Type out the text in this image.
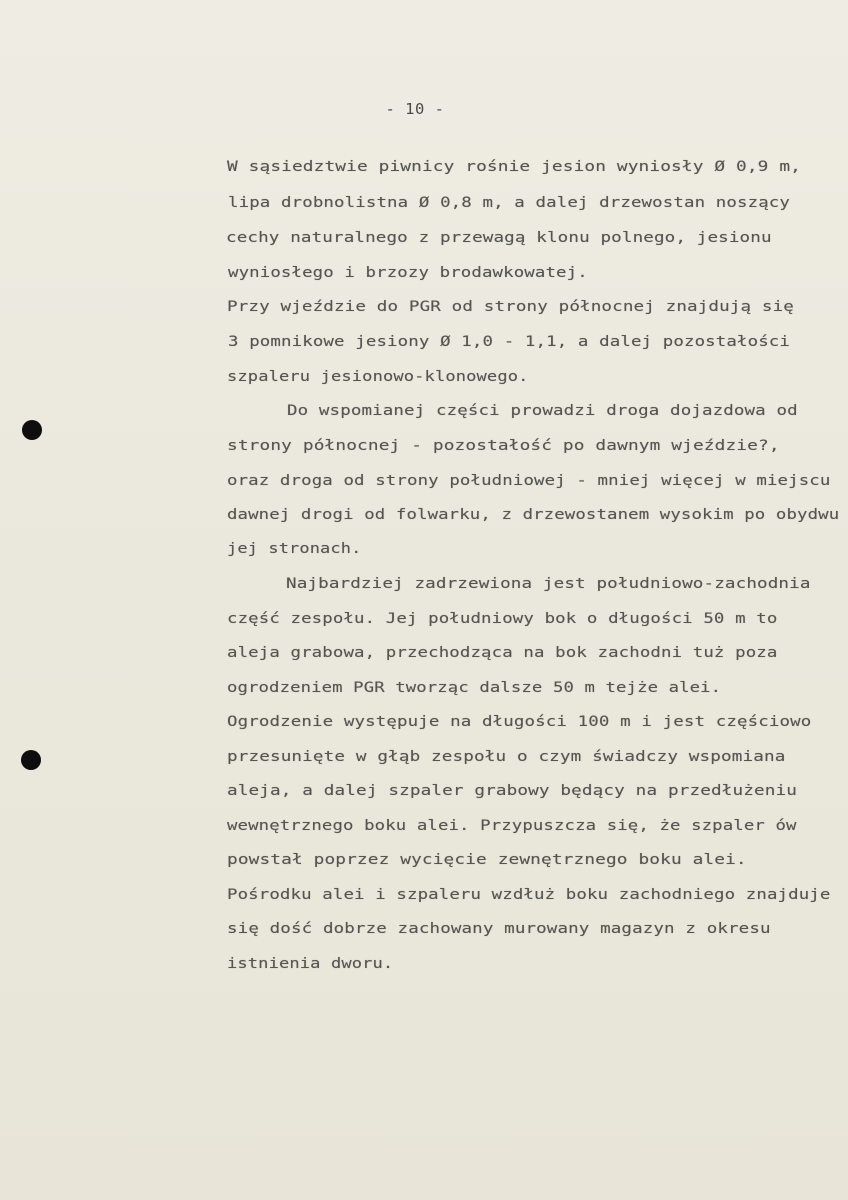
- 10 -
W sąsiedztwie piwnicy rośnie jesion wyniosły Ø 0,9 m,
lipa drobnolistna Ø 0,8 m, a dalej drzewostan noszący
cechy naturalnego z przewagą klonu polnego, jesionu
wyniosłego i brzozy brodawkowatej.
Przy wjeździe do PGR od strony północnej znajdują się
3 pomnikowe jesiony Ø 1,0 - 1,1, a dalej pozostałości
szpaleru jesionowo-klonowego.
Do wspomianej części prowadzi droga dojazdowa od
strony północnej - pozostałość po dawnym wjeździe?,
oraz droga od strony południowej - mniej więcej w miejscu
dawnej drogi od folwarku, z drzewostanem wysokim po obydwu
jej stronach.
Najbardziej zadrzewiona jest południowo-zachodnia
część zespołu. Jej południowy bok o długości 50 m to
aleja grabowa, przechodząca na bok zachodni tuż poza
ogrodzeniem PGR tworząc dalsze 50 m tejże alei.
Ogrodzenie występuje na długości 100 m i jest częściowo
przesunięte w głąb zespołu o czym świadczy wspomiana
aleja, a dalej szpaler grabowy będący na przedłużeniu
wewnętrznego boku alei. Przypuszcza się, że szpaler ów
powstał poprzez wycięcie zewnętrznego boku alei.
Pośrodku alei i szpaleru wzdłuż boku zachodniego znajduje
się dość dobrze zachowany murowany magazyn z okresu
istnienia dworu.
